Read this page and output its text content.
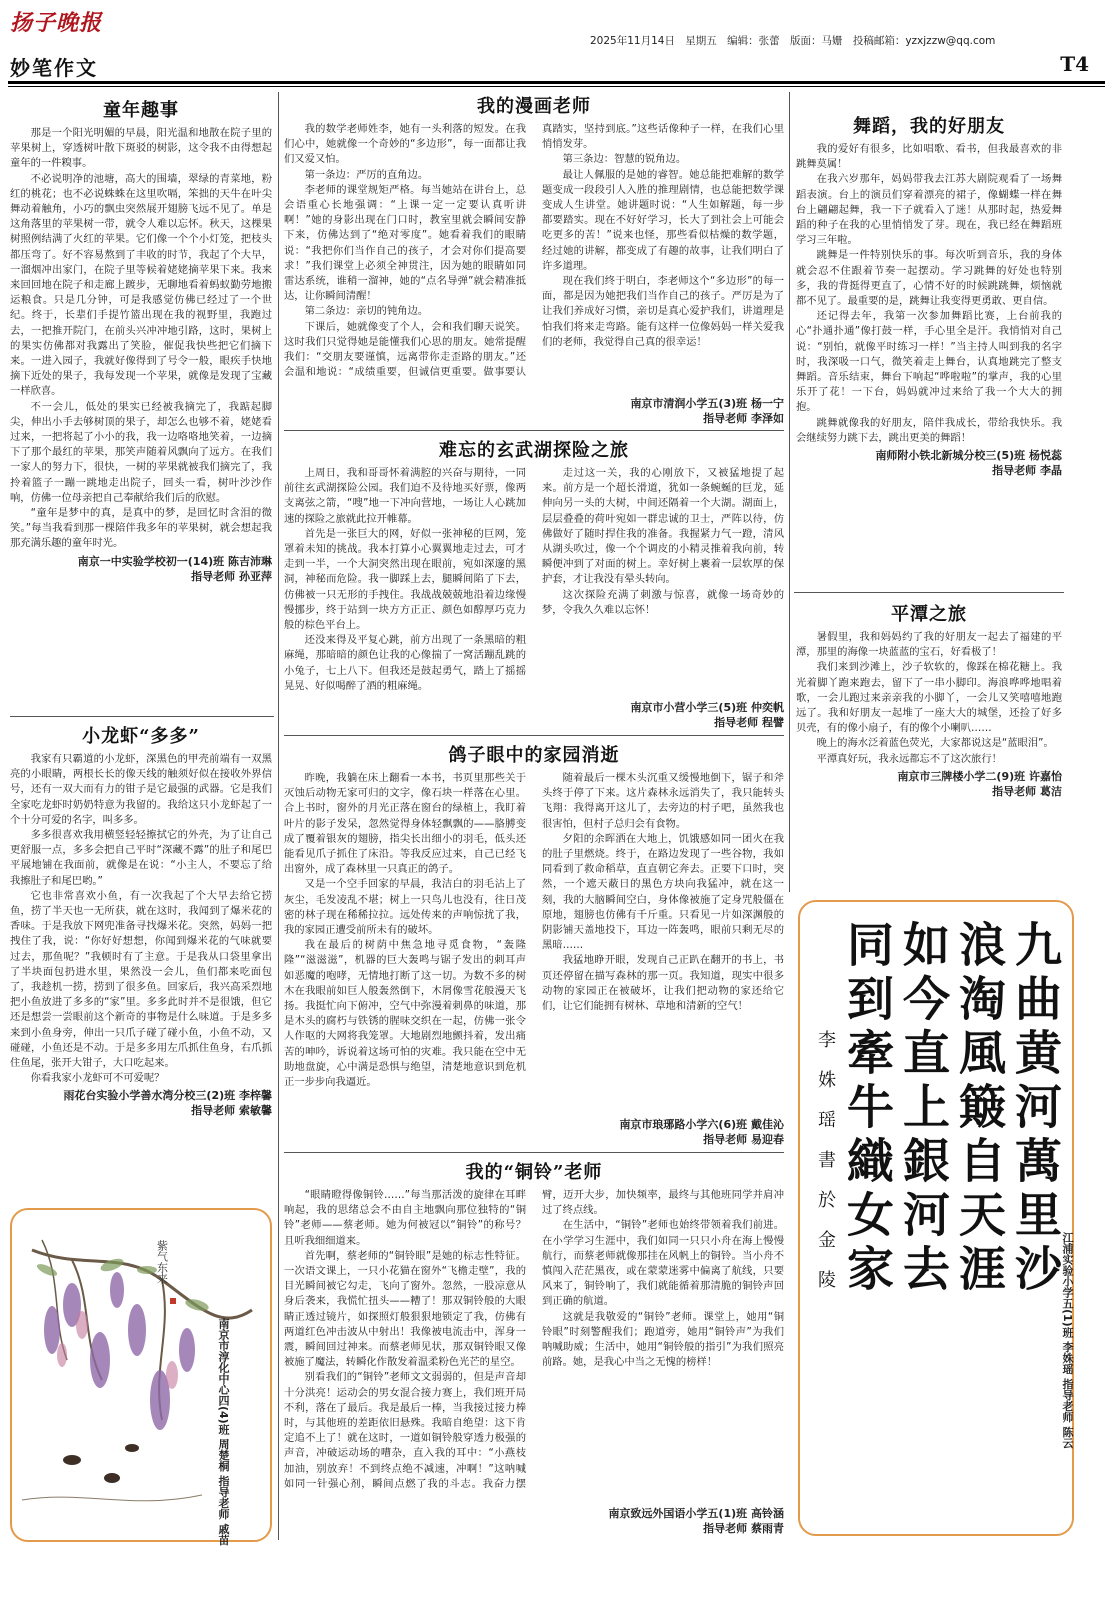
扬子晚报
2025年11月14日 星期五 编辑：张蕾 版面：马姗 投稿邮箱：yzxjzzw@qq.com
妙笔作文	T4
童年趣事

那是一个阳光明媚的早晨，阳光温和地散在院子里的苹果树上，穿透树叶散下斑驳的树影，这令我不由得想起童年的一件糗事。

不必说明净的池塘，高大的围墙，翠绿的青菜地，粉红的桃花；也不必说蛛蛛在这里吹嗝，笨拙的天牛在叶尖舞动着触角，小巧的飘虫突然展开翅膀飞远不见了。单是这角落里的苹果树一带，就令人难以忘怀。秋天，这棵果树照例结满了火红的苹果。它们像一个个小灯笼，把枝头都压弯了。好不容易熬到了丰收的时节，我起了个大早，一溜烟冲出家门，在院子里等候着姥姥摘苹果下来。我来来回回地在院子和走廊上踱步，无聊地看着蚂蚁勤劳地搬运粮食。只是几分钟，可是我感觉仿佛已经过了一个世纪。终于，长辈们手提竹篮出现在我的视野里，我跑过去，一把推开院门，在前头兴冲冲地引路，这时，果树上的果实仿佛都对我露出了笑脸，催促我快些把它们摘下来。一进入园子，我就好像得到了号令一般，眼疾手快地摘下近处的果子，我每发现一个苹果，就像是发现了宝藏一样欣喜。

不一会儿，低处的果实已经被我摘完了，我踮起脚尖，伸出小手去够树顶的果子，却怎么也够不着，姥姥看过来，一把将起了小小的我，我一边咯咯地笑着，一边摘下了那个最红的苹果，那笑声随着风飘向了远方。在我们一家人的努力下，很快，一树的苹果就被我们摘完了，我拎着篮子一蹦一跳地走出院子，回头一看，树叶沙沙作响，仿佛一位母亲把自己奉献给我们后的欣慰。

“童年是梦中的真，是真中的梦，是回忆时含泪的微笑。”每当我看到那一棵陪伴我多年的苹果树，就会想起我那充满乐趣的童年时光。

南京一中实验学校初一(14)班 陈吉沛琳
指导老师 孙亚萍
小龙虾“多多”

我家有只霸道的小龙虾，深黑色的甲壳前端有一双黑亮的小眼睛，两根长长的像天线的触须好似在接收外界信号，还有一双大而有力的钳子是它最强的武器。它是我们全家吃龙虾时奶奶特意为我留的。我给这只小龙虾起了一个十分可爱的名字，叫多多。

多多很喜欢我用横竖轻轻擦拭它的外壳，为了让自己更舒服一点，多多会把自己平时“深藏不露”的肚子和尾巴平展地铺在我面前，就像是在说：“小主人，不要忘了给我擦肚子和尾巴哟。”

它也非常喜欢小鱼，有一次我起了个大早去给它捞鱼，捞了半天也一无所获，就在这时，我闻到了爆米花的香味。于是我放下网兜准备寻找爆米花。突然，妈妈一把拽住了我，说：“你好好想想，你闻到爆米花的气味就要过去，那鱼呢？”我顿时有了主意。于是我从口袋里拿出了半块面包扔进水里，果然没一会儿，鱼们都来吃面包了，我趁机一捞，捞到了很多鱼。回家后，我兴高采烈地把小鱼放进了多多的“家”里。多多此时并不是很饿，但它还是想尝一尝眼前这个新奇的事物是什么味道。于是多多来到小鱼身旁，伸出一只爪子碰了碰小鱼，小鱼不动，又碰碰，小鱼还是不动。于是多多用左爪抓住鱼身，右爪抓住鱼尾，张开大钳子，大口吃起来。

你看我家小龙虾可不可爱呢？

雨花台实验小学善水湾分校三(2)班 李梓馨
指导老师 索敏馨
紫气东来
南京市淳化中心四(4)班 周楚桐 指导老师 戚苗
我的漫画老师

我的数学老师姓李，她有一头利落的短发。在我们心中，她就像一个奇妙的“多边形”，每一面都让我们又爱又怕。

第一条边：严厉的直角边。

李老师的课堂规矩严格。每当她站在讲台上，总会语重心长地强调：“上课一定一定要认真听讲啊！”她的身影出现在门口时，教室里就会瞬间安静下来，仿佛达到了“绝对零度”。她看着我们的眼睛说：“我把你们当作自己的孩子，才会对你们提高要求！”我们课堂上必须全神贯注，因为她的眼睛如同雷达系统，谁稍一溜神，她的“点名导弹”就会精准抵达，让你瞬间清醒！

第二条边：亲切的钝角边。

下课后，她就像变了个人，会和我们聊天说笑。这时我们只觉得她是能懂我们心思的朋友。她常提醒我们：“交朋友要谨慎，远离带你走歪路的朋友。”还会温和地说：“成绩重要，但诚信更重要。做事要认真踏实，坚持到底。”这些话像种子一样，在我们心里悄悄发芽。

第三条边：智慧的锐角边。

最让人佩服的是她的睿智。她总能把难解的数学题变成一段段引人入胜的推理剧情，也总能把数学课变成人生讲堂。她讲题时说：“人生如解题，每一步都要踏实。现在不好好学习，长大了到社会上可能会吃更多的苦！”说来也怪，那些看似枯燥的数学题，经过她的讲解，都变成了有趣的故事，让我们明白了许多道理。

现在我们终于明白，李老师这个“多边形”的每一面，都是因为她把我们当作自己的孩子。严厉是为了让我们养成好习惯，亲切是真心爱护我们，讲道理是怕我们将来走弯路。能有这样一位像妈妈一样关爱我们的老师，我觉得自己真的很幸运！

南京市清润小学五(3)班 杨一宁
指导老师 李泽如
难忘的玄武湖探险之旅

上周日，我和哥哥怀着满腔的兴奋与期待，一同前往玄武湖探险公园。我们迫不及待地买好票，像两支离弦之箭，“嗖”地一下冲向营地，一场让人心跳加速的探险之旅就此拉开帷幕。

首先是一张巨大的网，好似一张神秘的巨网，笼罩着未知的挑战。我本打算小心翼翼地走过去，可才走到一半，一个大洞突然出现在眼前，宛如深邃的黑洞，神秘而危险。我一脚踩上去，腿瞬间陷了下去，仿佛被一只无形的手拽住。我战战兢兢地沿着边缘慢慢挪步，终于站到一块方方正正、颜色如醇厚巧克力般的棕色平台上。

还没来得及平复心跳，前方出现了一条黑暗的粗麻绳，那暗暗的颜色让我的心像揣了一窝活蹦乱跳的小兔子，七上八下。但我还是鼓起勇气，踏上了摇摇晃晃、好似喝醉了酒的粗麻绳。

走过这一关，我的心刚放下，又被猛地提了起来。前方是一个超长滑道，犹如一条蜿蜒的巨龙，延伸向另一头的大树，中间还隔着一个大湖。湖面上，层层叠叠的荷叶宛如一群忠诚的卫士，严阵以待，仿佛做好了随时捍住我的准备。我握紧力气一蹬，清风从湖头吹过，像一个个调皮的小精灵推着我向前，转瞬便冲到了对面的树上。幸好树上裹着一层软厚的保护套，才让我没有晕头转向。

这次探险充满了刺激与惊喜，就像一场奇妙的梦，令我久久难以忘怀！

南京市小营小学三(5)班 仲奕帆
指导老师 程譬
鸽子眼中的家园消逝

昨晚，我躺在床上翻看一本书，书页里那些关于灭蚀后动物无家可归的文字，像石块一样落在心里。合上书时，窗外的月光正落在窗台的绿植上，我盯着叶片的影子发呆，忽然觉得身体轻飘飘的——胳膊变成了覆着银灰的翅膀，指尖长出细小的羽毛，低头还能看见爪子抓住了床沿。等我反应过来，自己已经飞出窗外，成了森林里一只真正的鸽子。

又是一个空手回家的早晨，我洁白的羽毛沾上了灰尘，毛发凌乱不堪；树上一只鸟儿也没有，往日茂密的林子现在稀稀拉拉。远处传来的声响惊扰了我，我的家园正遭受前所未有的破坏。

我在最后的树荫中焦急地寻觅食物，“轰隆隆”“滋滋滋”，机器的巨大轰鸣与锯子发出的刺耳声如恶魔的咆哮，无情地打断了这一切。为数不多的树木在我眼前如巨人般轰然倒下，木屑像雪花般漫天飞扬。我挺忙向下俯冲，空气中弥漫着刺鼻的味道，那是木头的腐朽与铁锈的腥味交织在一起，仿佛一张令人作呕的大网将我笼罩。大地剧烈地颤抖着，发出痛苦的呻吟，诉说着这场可怕的灾难。我只能在空中无助地盘旋，心中满是恐惧与绝望，清楚地意识到危机正一步步向我逼近。

随着最后一棵木头沉重又缓慢地倒下，锯子和斧头终于停了下来。这片森林永远消失了，我只能转头飞翔：我得离开这儿了，去旁边的村子吧，虽然我也很害怕，但村子总归会有食物。

夕阳的余晖洒在大地上，饥饿感如同一团火在我的肚子里燃烧。终于，在路边发现了一些谷物，我如同看到了救命稻草，直直朝它奔去。正要下口时，突然，一个遮天蔽日的黑色方块向我猛冲，就在这一刻，我的大脑瞬间空白，身体像被施了定身咒般僵在原地，翅膀也仿佛有千斤重。只看见一片如深渊般的阴影铺天盖地投下，耳边一阵轰鸣，眼前只剩无尽的黑暗……

我猛地睁开眼，发现自己正趴在翻开的书上，书页还停留在描写森林的那一页。我知道，现实中很多动物的家园正在被破坏，让我们把动物的家还给它们，让它们能拥有树林、草地和清新的空气！

南京市琅琊路小学六(6)班 戴佳沁
指导老师 易迎春
我的“铜铃”老师

“眼睛瞪得像铜铃……”每当那活泼的旋律在耳畔响起，我的思绪总会不由自主地飘向那位独特的“铜铃”老师——蔡老师。她为何被冠以“铜铃”的称号？且听我细细道来。

首先啊，蔡老师的“铜铃眼”是她的标志性特征。一次语文课上，一只小花猫在窗外“飞檐走壁”，我的目光瞬间被它勾走，飞向了窗外。忽然，一股凉意从身后袭来，我慌忙扭头——糟了！那双铜铃般的大眼睛正透过镜片，如探照灯般狠狠地锁定了我，仿佛有两道红色冲击波从中射出！我像被电流击中，浑身一震，瞬间回过神来。而蔡老师见状，那双铜铃眼又像被施了魔法，转瞬化作散发着温柔粉色光芒的星空。

别看我们的“铜铃”老师文文弱弱的，但是声音却十分洪亮！运动会的男女混合接力赛上，我们班开局不利，落在了最后。我是最后一棒，当我接过接力棒时，与其他班的差距依旧悬殊。我暗自绝望：这下肯定追不上了！就在这时，一道如铜铃般穿透力极强的声音，冲破运动场的嘈杂，直入我的耳中：“小燕枝加油，别放弃！不到终点绝不减速，冲啊！”这呐喊如同一针强心剂，瞬间点燃了我的斗志。我奋力摆臂，迈开大步，加快频率，最终与其他班同学并肩冲过了终点线。

在生活中，“铜铃”老师也始终带领着我们前进。在小学学习生涯中，我们如同一只只小舟在海上慢慢航行，而蔡老师就像那挂在风帆上的铜铃。当小舟不慎闯入茫茫黑夜，或在蒙蒙迷雾中偏离了航线，只要风来了，铜铃响了，我们就能循着那清脆的铜铃声回到正确的航道。

这就是我敬爱的“铜铃”老师。课堂上，她用“铜铃眼”时刻警醒我们；跑道旁，她用“铜铃声”为我们呐喊助威；生活中，她用“铜铃般的指引”为我们照亮前路。她，是我心中当之无愧的榜样！

南京致远外国语小学五(1)班 高铃涵
指导老师 蔡雨青
舞蹈，我的好朋友

我的爱好有很多，比如唱歌、看书，但我最喜欢的非跳舞莫属！

在我六岁那年，妈妈带我去江苏大剧院观看了一场舞蹈表演。台上的演员们穿着漂亮的裙子，像蝴蝶一样在舞台上翩翩起舞，我一下子就看入了迷！从那时起，热爱舞蹈的种子在我的心里悄悄发了芽。现在，我已经在舞蹈班学习三年啦。

跳舞是一件特别快乐的事。每次听到音乐，我的身体就会忍不住跟着节奏一起摆动。学习跳舞的好处也特别多，我的背挺得更直了，心情不好的时候跳跳舞，烦恼就都不见了。最重要的是，跳舞让我变得更勇敢、更自信。

还记得去年，我第一次参加舞蹈比赛，上台前我的心“扑通扑通”像打鼓一样，手心里全是汗。我悄悄对自己说：“别怕，就像平时练习一样！”当主持人叫到我的名字时，我深吸一口气，微笑着走上舞台，认真地跳完了整支舞蹈。音乐结束，舞台下响起“哗啦啦”的掌声，我的心里乐开了花！一下台，妈妈就冲过来给了我一个大大的拥抱。

跳舞就像我的好朋友，陪伴我成长，带给我快乐。我会继续努力跳下去，跳出更美的舞蹈！

南师附小铁北新城分校三(5)班 杨悦蕊
指导老师 李晶
平潭之旅

暑假里，我和妈妈约了我的好朋友一起去了福建的平潭，那里的海像一块蓝蓝的宝石，好看极了！

我们来到沙滩上，沙子软软的，像踩在棉花糖上。我光着脚丫跑来跑去，留下了一串小脚印。海浪哗哗地唱着歌，一会儿跑过来亲亲我的小脚丫，一会儿又笑嘻嘻地跑远了。我和好朋友一起堆了一座大大的城堡，还捡了好多贝壳，有的像小扇子，有的像个小喇叭……

晚上的海水泛着蓝色荧光，大家都说这是“蓝眼泪”。

平潭真好玩，我永远都忘不了这次旅行！

南京市三牌楼小学二(9)班 许嘉怡
指导老师 葛洁
九曲黄河萬里沙
浪淘風簸自天涯
如今直上銀河去
同到牽牛織女家
李姝瑶書於金陵	江浦实验小学五(1)班 李姝瑶 指导老师 陈云
